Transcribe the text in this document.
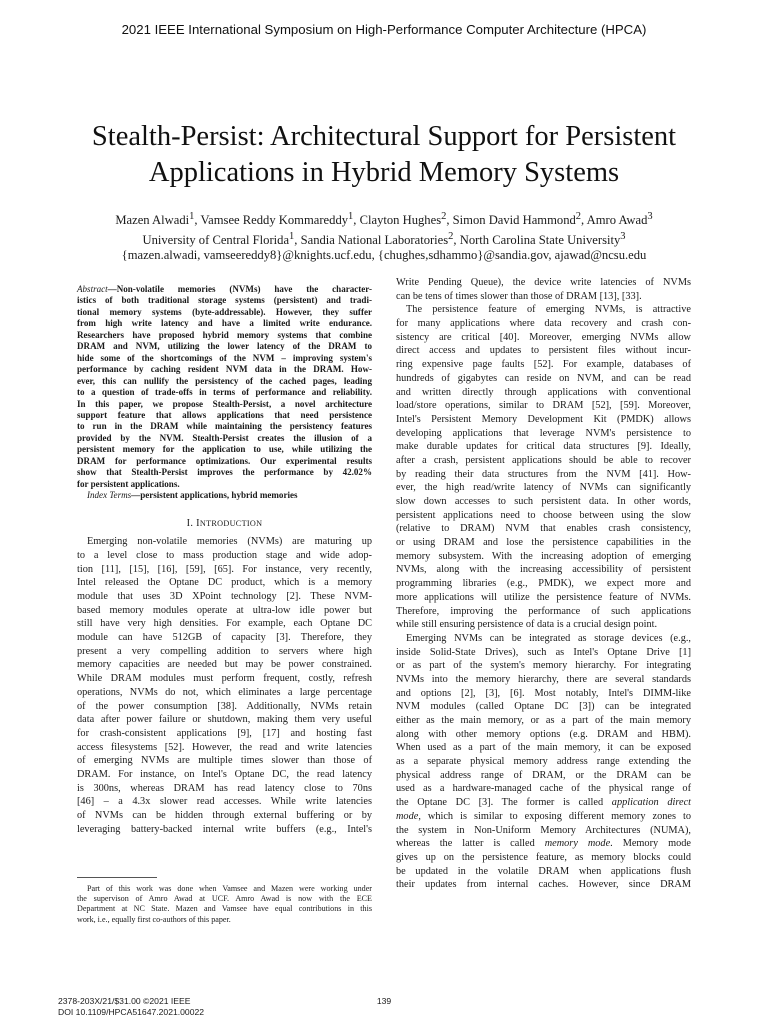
2021 IEEE International Symposium on High-Performance Computer Architecture (HPCA)
Stealth-Persist: Architectural Support for Persistent
Applications in Hybrid Memory Systems
Mazen Alwadi$^1$, Vamsee Reddy Kommareddy$^1$, Clayton Hughes$^2$, Simon David Hammond$^2$, Amro Awad$^3$
University of Central Florida$^1$, Sandia National Laboratories$^2$, North Carolina State University$^3$
{mazen.alwadi, vamseereddy8}@knights.ucf.edu, {chughes,sdhammo}@sandia.gov, ajawad@ncsu.edu
Abstract—Non-volatile memories (NVMs) have the character-
istics of both traditional storage systems (persistent) and tradi-
tional memory systems (byte-addressable). However, they suffer
from high write latency and have a limited write endurance.
Researchers have proposed hybrid memory systems that combine
DRAM and NVM, utilizing the lower latency of the DRAM to
hide some of the shortcomings of the NVM – improving system's
performance by caching resident NVM data in the DRAM. How-
ever, this can nullify the persistency of the cached pages, leading
to a question of trade-offs in terms of performance and reliability.
In this paper, we propose Stealth-Persist, a novel architecture
support feature that allows applications that need persistence
to run in the DRAM while maintaining the persistency features
provided by the NVM. Stealth-Persist creates the illusion of a
persistent memory for the application to use, while utilizing the
DRAM for performance optimizations. Our experimental results
show that Stealth-Persist improves the performance by 42.02%
for persistent applications.
Index Terms—persistent applications, hybrid memories
I. INTRODUCTION
Emerging non-volatile memories (NVMs) are maturing up
to a level close to mass production stage and wide adop-
tion [11], [15], [16], [59], [65]. For instance, very recently,
Intel released the Optane DC product, which is a memory
module that uses 3D XPoint technology [2]. These NVM-
based memory modules operate at ultra-low idle power but
still have very high densities. For example, each Optane DC
module can have 512GB of capacity [3]. Therefore, they
present a very compelling addition to servers where high
memory capacities are needed but may be power constrained.
While DRAM modules must perform frequent, costly, refresh
operations, NVMs do not, which eliminates a large percentage
of the power consumption [38]. Additionally, NVMs retain
data after power failure or shutdown, making them very useful
for crash-consistent applications [9], [17] and hosting fast
access filesystems [52]. However, the read and write latencies
of emerging NVMs are multiple times slower than those of
DRAM. For instance, on Intel's Optane DC, the read latency
is 300ns, whereas DRAM has read latency close to 70ns
[46] – a 4.3x slower read accesses. While write latencies
of NVMs can be hidden through external buffering or by
leveraging battery-backed internal write buffers (e.g., Intel's
Part of this work was done when Vamsee and Mazen were working under
the supervison of Amro Awad at UCF. Amro Awad is now with the ECE
Department at NC State. Mazen and Vamsee have equal contributions in this
work, i.e., equally first co-authors of this paper.
Write Pending Queue), the device write latencies of NVMs
can be tens of times slower than those of DRAM [13], [33].
The persistence feature of emerging NVMs, is attractive
for many applications where data recovery and crash con-
sistency are critical [40]. Moreover, emerging NVMs allow
direct access and updates to persistent files without incur-
ring expensive page faults [52]. For example, databases of
hundreds of gigabytes can reside on NVM, and can be read
and written directly through applications with conventional
load/store operations, similar to DRAM [52], [59]. Moreover,
Intel's Persistent Memory Development Kit (PMDK) allows
developing applications that leverage NVM's persistence to
make durable updates for critical data structures [9]. Ideally,
after a crash, persistent applications should be able to recover
by reading their data structures from the NVM [41]. How-
ever, the high read/write latency of NVMs can significantly
slow down accesses to such persistent data. In other words,
persistent applications need to choose between using the slow
(relative to DRAM) NVM that enables crash consistency,
or using DRAM and lose the persistence capabilities in the
memory subsystem. With the increasing adoption of emerging
NVMs, along with the increasing accessibility of persistent
programming libraries (e.g., PMDK), we expect more and
more applications will utilize the persistence feature of NVMs.
Therefore, improving the performance of such applications
while still ensuring persistence of data is a crucial design point.
Emerging NVMs can be integrated as storage devices (e.g.,
inside Solid-State Drives), such as Intel's Optane Drive [1]
or as part of the system's memory hierarchy. For integrating
NVMs into the memory hierarchy, there are several standards
and options [2], [3], [6]. Most notably, Intel's DIMM-like
NVM modules (called Optane DC [3]) can be integrated
either as the main memory, or as a part of the main memory
along with other memory options (e.g. DRAM and HBM).
When used as a part of the main memory, it can be exposed
as a separate physical memory address range extending the
physical address range of DRAM, or the DRAM can be
used as a hardware-managed cache of the physical range of
the Optane DC [3]. The former is called application direct
mode, which is similar to exposing different memory zones to
the system in Non-Uniform Memory Architectures (NUMA),
whereas the latter is called memory mode. Memory mode
gives up on the persistence feature, as memory blocks could
be updated in the volatile DRAM when applications flush
their updates from internal caches. However, since DRAM
2378-203X/21/$31.00 ©2021 IEEE
DOI 10.1109/HPCA51647.2021.00022
139
